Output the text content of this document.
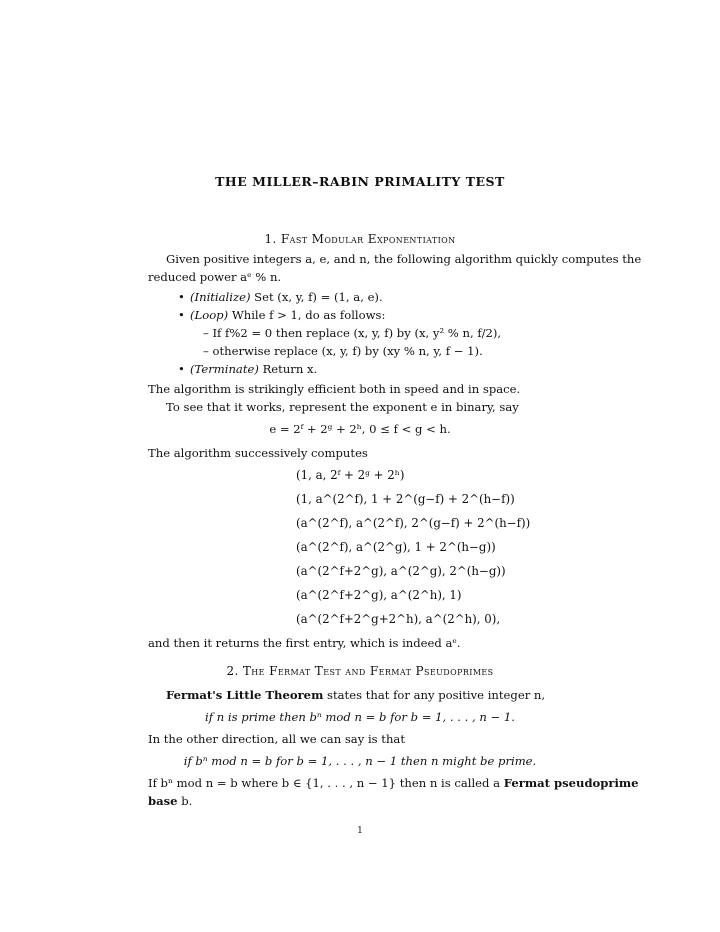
THE MILLER–RABIN PRIMALITY TEST
1. Fast Modular Exponentiation
Given positive integers a, e, and n, the following algorithm quickly computes the
reduced power aᵉ % n.
• (Initialize) Set (x, y, f) = (1, a, e).
• (Loop) While f > 1, do as follows:
– If f%2 = 0 then replace (x, y, f) by (x, y² % n, f/2),
– otherwise replace (x, y, f) by (xy % n, y, f − 1).
• (Terminate) Return x.
The algorithm is strikingly efficient both in speed and in space.
To see that it works, represent the exponent e in binary, say
e = 2ᶠ + 2ᵍ + 2ʰ, 0 ≤ f < g < h.
The algorithm successively computes
(1, a, 2ᶠ + 2ᵍ + 2ʰ)
(1, a^(2^f), 1 + 2^(g−f) + 2^(h−f))
(a^(2^f), a^(2^f), 2^(g−f) + 2^(h−f))
(a^(2^f), a^(2^g), 1 + 2^(h−g))
(a^(2^f+2^g), a^(2^g), 2^(h−g))
(a^(2^f+2^g), a^(2^h), 1)
(a^(2^f+2^g+2^h), a^(2^h), 0),
and then it returns the first entry, which is indeed aᵉ.
2. The Fermat Test and Fermat Pseudoprimes
Fermat's Little Theorem states that for any positive integer n,
if n is prime then bⁿ mod n = b for b = 1, . . . , n − 1.
In the other direction, all we can say is that
if bⁿ mod n = b for b = 1, . . . , n − 1 then n might be prime.
If bⁿ mod n = b where b ∈ {1, . . . , n − 1} then n is called a Fermat pseudoprime
base b.
1
